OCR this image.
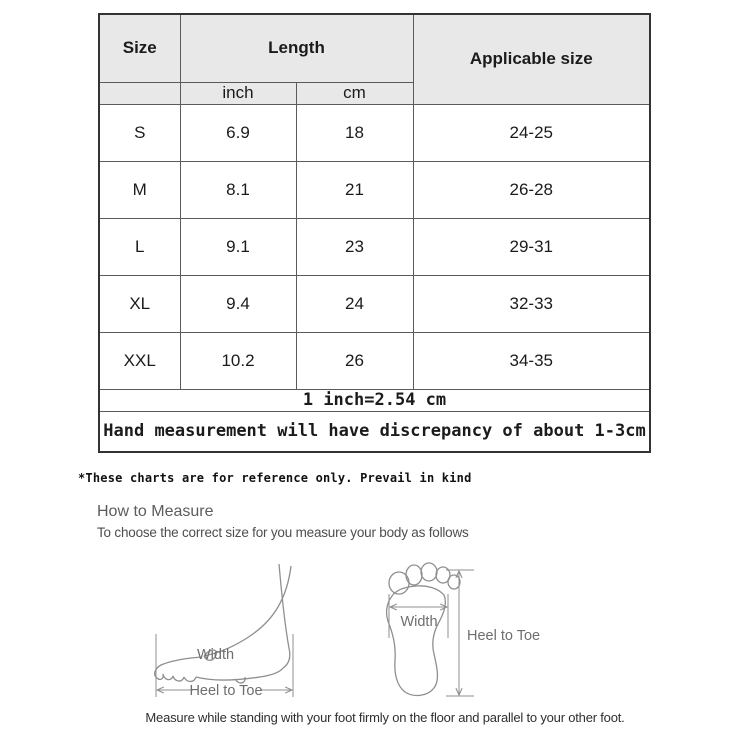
Size	Length		Applicable size
	inch	cm	
S	6.9	18	24-25
M	8.1	21	26-28
L	9.1	23	29-31
XL	9.4	24	32-33
XXL	10.2	26	34-35
1 inch=2.54 cm			
Hand measurement will have discrepancy of about 1-3cm			
*These charts are for reference only. Prevail in kind
How to Measure
To choose the correct size for you measure your body as follows
Width
Heel to Toe
Width
Heel to Toe
Measure while standing with your foot firmly on the floor and parallel to your other foot.
